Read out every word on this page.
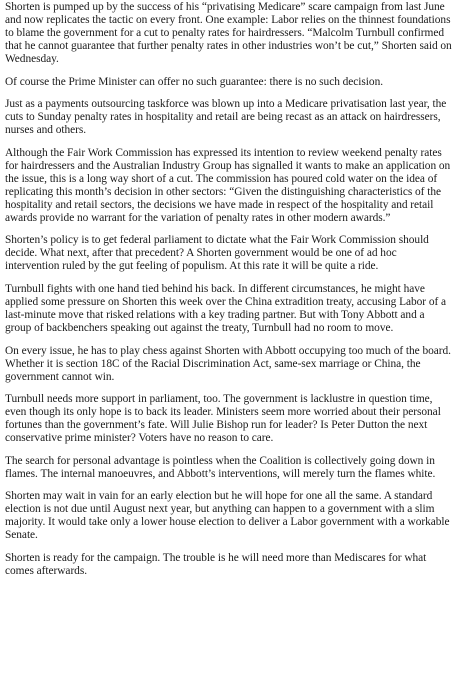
Shorten is pumped up by the success of his “privatising Medicare” scare campaign from last June and now replicates the tactic on every front. One example: Labor relies on the thinnest foundations to blame the government for a cut to penalty rates for hairdressers. “Malcolm Turnbull confirmed that he cannot guarantee that further penalty rates in other industries won’t be cut,” Shorten said on Wednesday.

Of course the Prime Minister can offer no such guarantee: there is no such decision.

Just as a payments outsourcing taskforce was blown up into a Medicare privatisation last year, the cuts to Sunday penalty rates in hospitality and retail are being recast as an attack on hairdressers, nurses and others.

Although the Fair Work Commission has expressed its intention to review weekend penalty rates for hairdressers and the Australian Industry Group has signalled it wants to make an application on the issue, this is a long way short of a cut. The commission has poured cold water on the idea of replicating this month’s decision in other sectors: “Given the distinguishing characteristics of the hospitality and retail sectors, the decisions we have made in respect of the hospitality and retail awards provide no warrant for the variation of penalty rates in other modern awards.”

Shorten’s policy is to get federal parliament to dictate what the Fair Work Commission should decide. What next, after that precedent? A Shorten government would be one of ad hoc intervention ruled by the gut feeling of populism. At this rate it will be quite a ride.

Turnbull fights with one hand tied behind his back. In different circumstances, he might have applied some pressure on Shorten this week over the China extradition treaty, accusing Labor of a last-minute move that risked relations with a key trading partner. But with Tony Abbott and a group of backbenchers speaking out against the treaty, Turnbull had no room to move.

On every issue, he has to play chess against Shorten with Abbott occupying too much of the board. Whether it is section 18C of the Racial Discrimination Act, same-sex marriage or China, the government cannot win.

Turnbull needs more support in parliament, too. The government is lacklustre in question time, even though its only hope is to back its leader. Ministers seem more worried about their personal fortunes than the government’s fate. Will Julie Bishop run for leader? Is Peter Dutton the next conservative prime minister? Voters have no reason to care.

The search for personal advantage is pointless when the Coalition is collectively going down in flames. The internal manoeuvres, and Abbott’s interventions, will merely turn the flames white.

Shorten may wait in vain for an early election but he will hope for one all the same. A standard election is not due until August next year, but anything can happen to a government with a slim majority. It would take only a lower house election to deliver a Labor government with a workable Senate.

Shorten is ready for the campaign. The trouble is he will need more than Mediscares for what comes afterwards.
